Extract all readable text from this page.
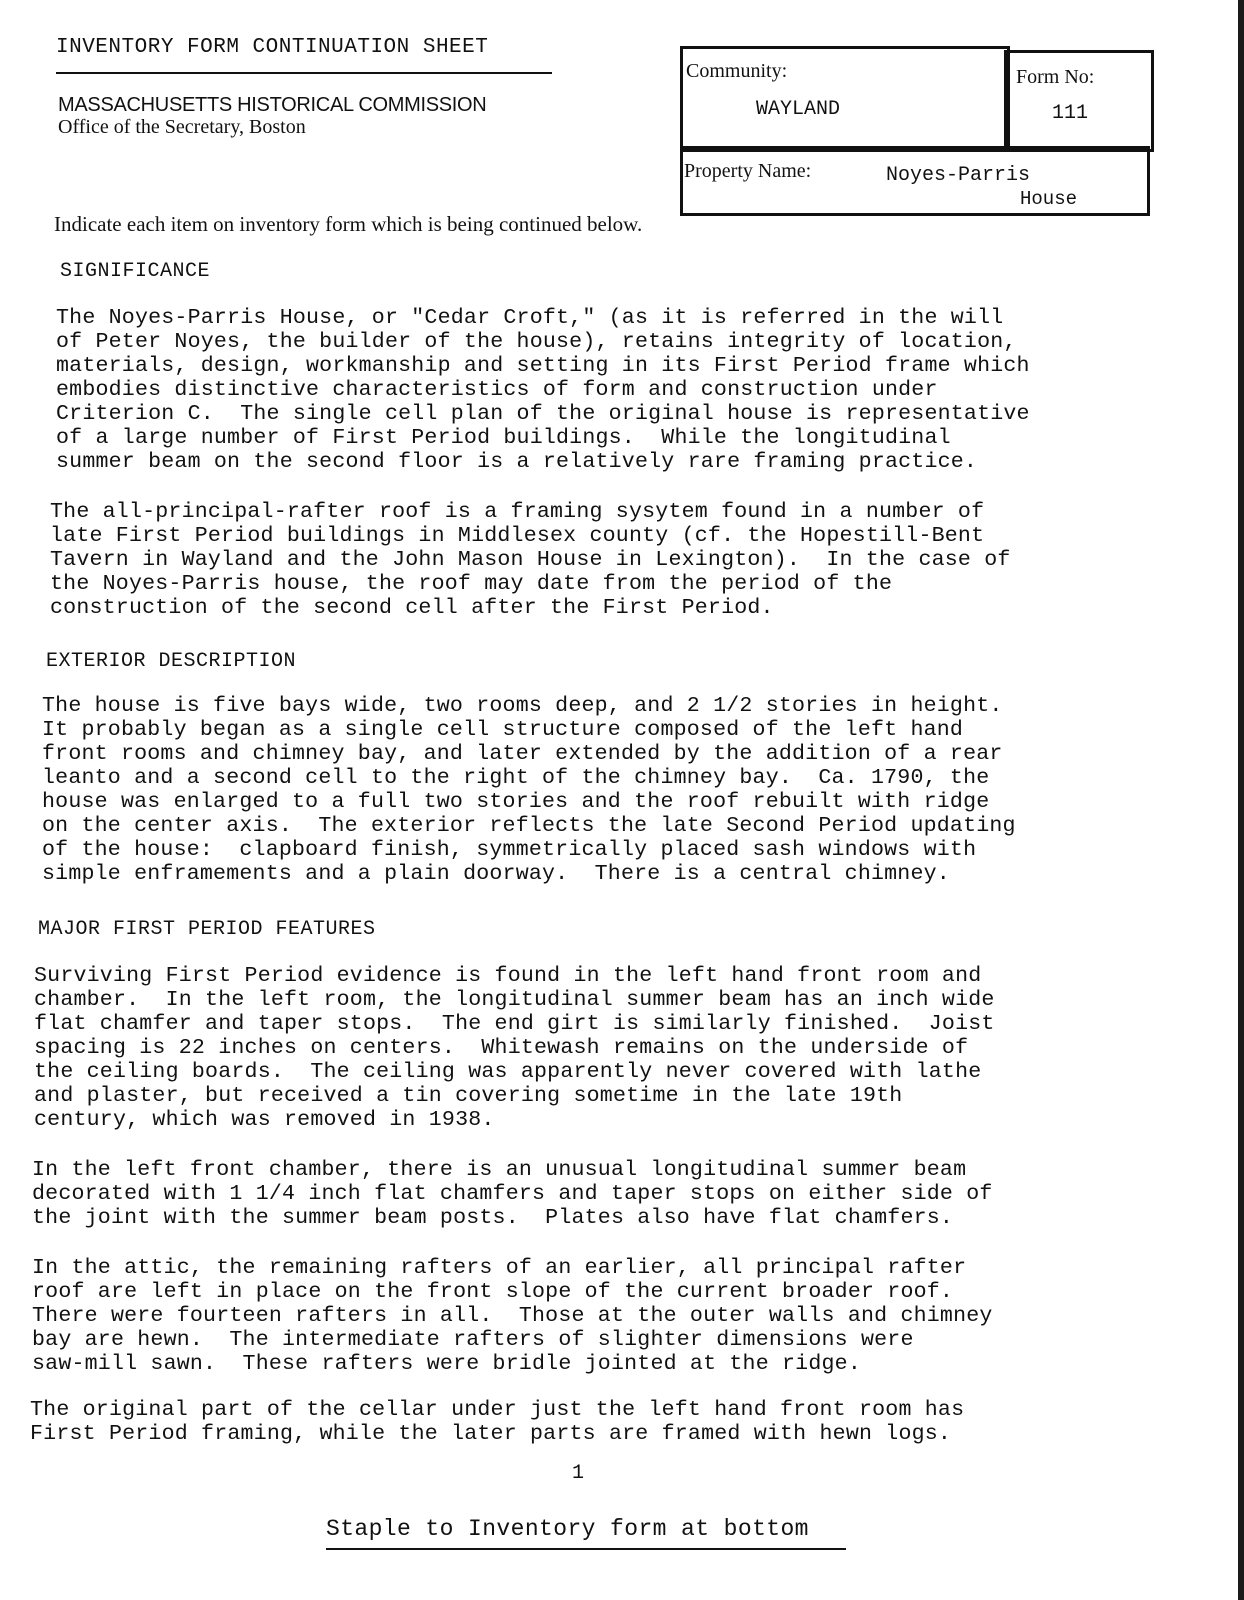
INVENTORY FORM CONTINUATION SHEET
MASSACHUSETTS HISTORICAL COMMISSION
Office of the Secretary, Boston
Community:
WAYLAND
Form No:
111
Property Name:	Noyes-Parris
House
Indicate each item on inventory form which is being continued below.
SIGNIFICANCE
The Noyes-Parris House, or "Cedar Croft," (as it is referred in the will
of Peter Noyes, the builder of the house), retains integrity of location,
materials, design, workmanship and setting in its First Period frame which
embodies distinctive characteristics of form and construction under
Criterion C.  The single cell plan of the original house is representative
of a large number of First Period buildings.  While the longitudinal
summer beam on the second floor is a relatively rare framing practice.
The all-principal-rafter roof is a framing sysytem found in a number of
late First Period buildings in Middlesex county (cf. the Hopestill-Bent
Tavern in Wayland and the John Mason House in Lexington).  In the case of
the Noyes-Parris house, the roof may date from the period of the
construction of the second cell after the First Period.
EXTERIOR DESCRIPTION
The house is five bays wide, two rooms deep, and 2 1/2 stories in height.
It probably began as a single cell structure composed of the left hand
front rooms and chimney bay, and later extended by the addition of a rear
leanto and a second cell to the right of the chimney bay.  Ca. 1790, the
house was enlarged to a full two stories and the roof rebuilt with ridge
on the center axis.  The exterior reflects the late Second Period updating
of the house:  clapboard finish, symmetrically placed sash windows with
simple enframements and a plain doorway.  There is a central chimney.
MAJOR FIRST PERIOD FEATURES
Surviving First Period evidence is found in the left hand front room and
chamber.  In the left room, the longitudinal summer beam has an inch wide
flat chamfer and taper stops.  The end girt is similarly finished.  Joist
spacing is 22 inches on centers.  Whitewash remains on the underside of
the ceiling boards.  The ceiling was apparently never covered with lathe
and plaster, but received a tin covering sometime in the late 19th
century, which was removed in 1938.
In the left front chamber, there is an unusual longitudinal summer beam
decorated with 1 1/4 inch flat chamfers and taper stops on either side of
the joint with the summer beam posts.  Plates also have flat chamfers.
In the attic, the remaining rafters of an earlier, all principal rafter
roof are left in place on the front slope of the current broader roof.
There were fourteen rafters in all.  Those at the outer walls and chimney
bay are hewn.  The intermediate rafters of slighter dimensions were
saw-mill sawn.  These rafters were bridle jointed at the ridge.
The original part of the cellar under just the left hand front room has
First Period framing, while the later parts are framed with hewn logs.
1
Staple to Inventory form at bottom
